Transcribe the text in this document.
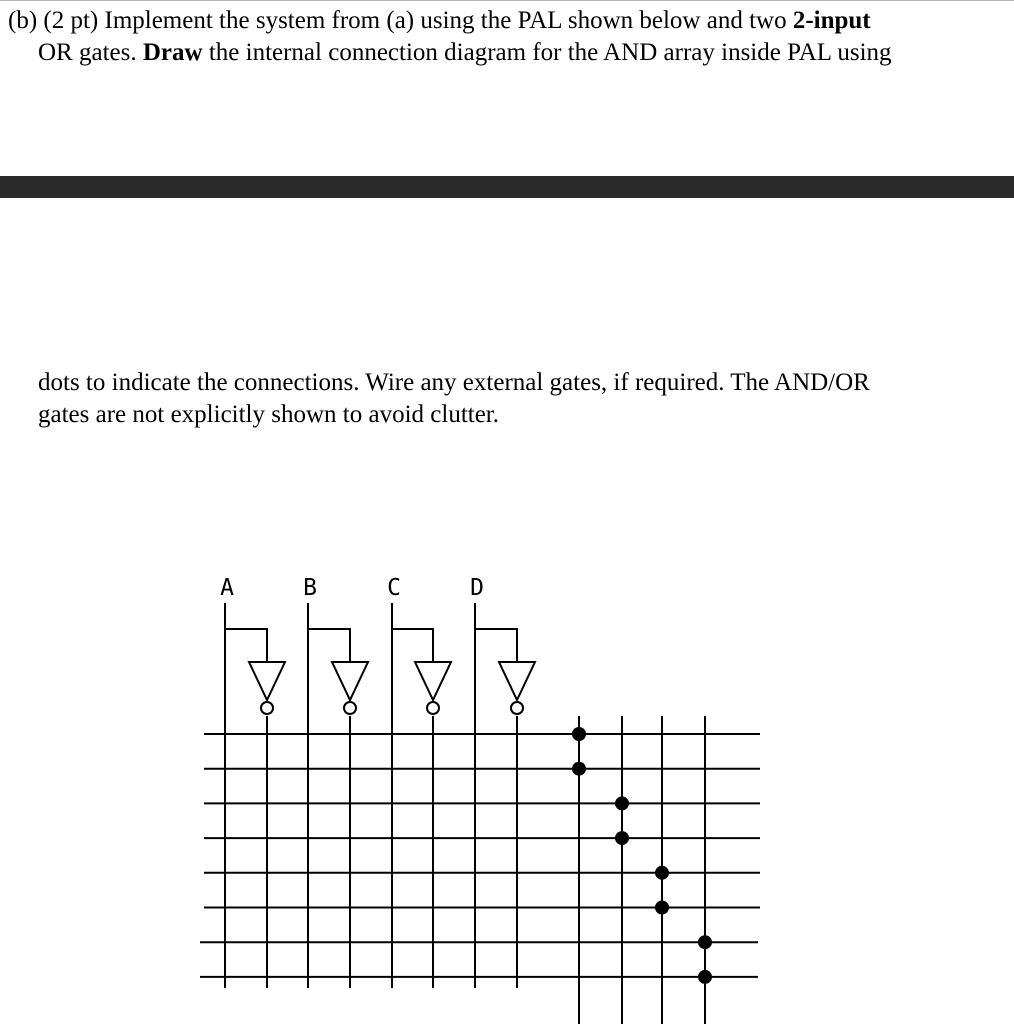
(b) (2 pt) Implement the system from (a) using the PAL shown below and two 2-input

OR gates. Draw the internal connection diagram for the AND array inside PAL using

dots to indicate the connections. Wire any external gates, if required. The AND/OR

gates are not explicitly shown to avoid clutter.

A	B	C	D
